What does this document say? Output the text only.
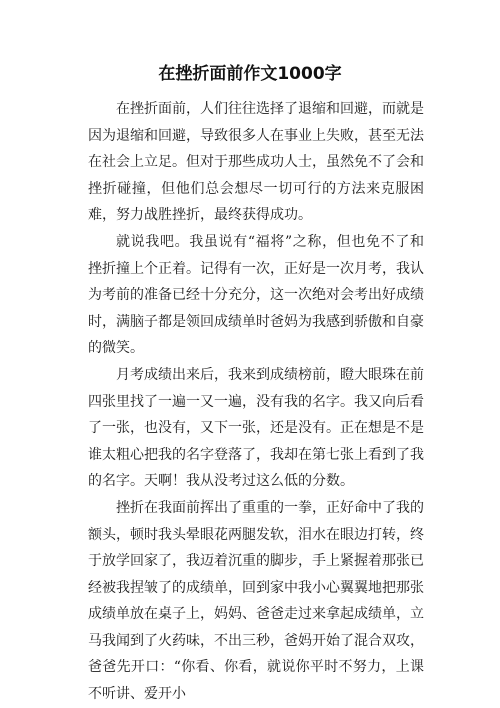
在挫折面前作文1000字

在挫折面前，人们往往选择了退缩和回避，而就是因为退缩和回避，导致很多人在事业上失败，甚至无法在社会上立足。但对于那些成功人士，虽然免不了会和挫折碰撞，但他们总会想尽一切可行的方法来克服困难，努力战胜挫折，最终获得成功。

就说我吧。我虽说有“福将”之称，但也免不了和挫折撞上个正着。记得有一次，正好是一次月考，我认为考前的准备已经十分充分，这一次绝对会考出好成绩时，满脑子都是领回成绩单时爸妈为我感到骄傲和自豪的微笑。

月考成绩出来后，我来到成绩榜前，瞪大眼珠在前四张里找了一遍一又一遍，没有我的名字。我又向后看了一张，也没有，又下一张，还是没有。正在想是不是谁太粗心把我的名字登落了，我却在第七张上看到了我的名字。天啊！我从没考过这么低的分数。

挫折在我面前挥出了重重的一拳，正好命中了我的额头，顿时我头晕眼花两腿发软，泪水在眼边打转，终于放学回家了，我迈着沉重的脚步，手上紧握着那张已经被我捏皱了的成绩单，回到家中我小心翼翼地把那张成绩单放在桌子上，妈妈、爸爸走过来拿起成绩单，立马我闻到了火药味，不出三秒，爸妈开始了混合双攻，爸爸先开口：“你看、你看，就说你平时不努力，上课不听讲、爱开小
